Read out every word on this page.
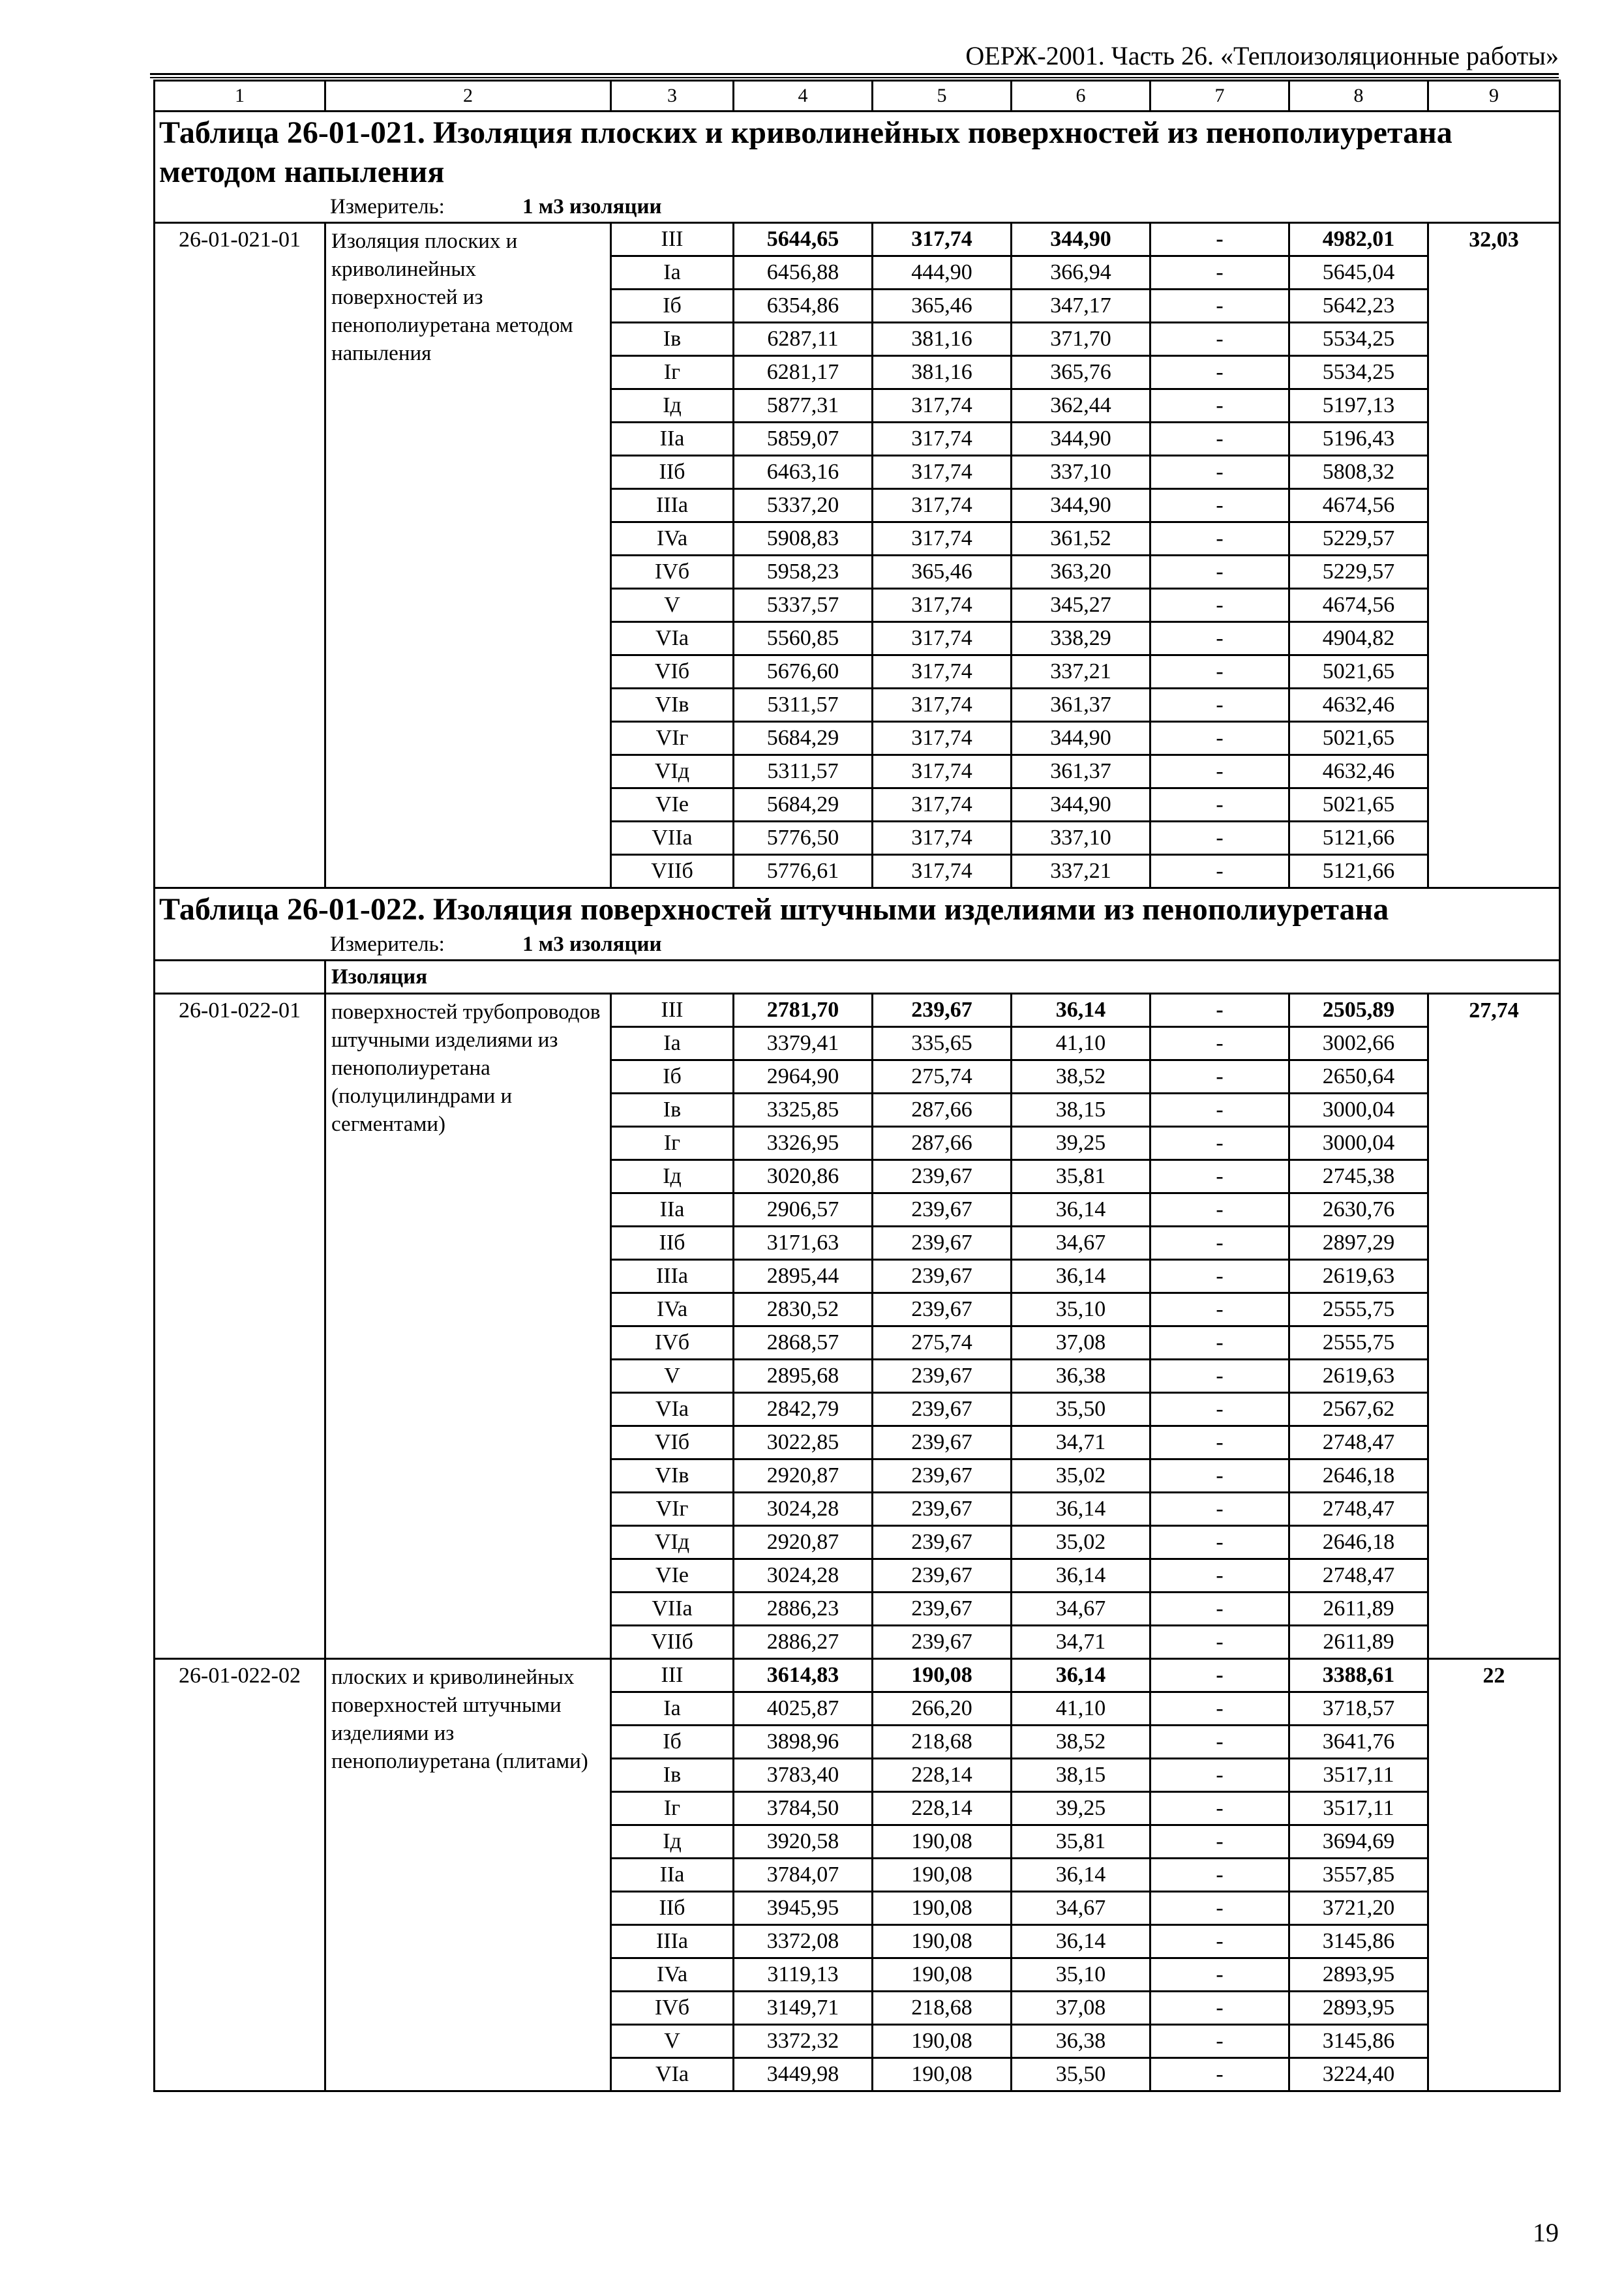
ОЕРЖ-2001. Часть 26. «Теплоизоляционные работы»
1	2	3	4	5	6	7	8	9
Таблица 26-01-021. Изоляция плоских и криволинейных поверхностей из пенополиуретана методом напыления								
Измеритель: 1 м3 изоляции								
26-01-021-01	Изоляция плоских и криволинейных поверхностей из пенополиуретана методом напыления	III	5644,65	317,74	344,90	-	4982,01	32,03
		Ia	6456,88	444,90	366,94	-	5645,04	
		Iб	6354,86	365,46	347,17	-	5642,23	
		Iв	6287,11	381,16	371,70	-	5534,25	
		Iг	6281,17	381,16	365,76	-	5534,25	
		Iд	5877,31	317,74	362,44	-	5197,13	
		IIa	5859,07	317,74	344,90	-	5196,43	
		IIб	6463,16	317,74	337,10	-	5808,32	
		IIIa	5337,20	317,74	344,90	-	4674,56	
		IVa	5908,83	317,74	361,52	-	5229,57	
		IVб	5958,23	365,46	363,20	-	5229,57	
		V	5337,57	317,74	345,27	-	4674,56	
		VIa	5560,85	317,74	338,29	-	4904,82	
		VIб	5676,60	317,74	337,21	-	5021,65	
		VIв	5311,57	317,74	361,37	-	4632,46	
		VIг	5684,29	317,74	344,90	-	5021,65	
		VIд	5311,57	317,74	361,37	-	4632,46	
		VIe	5684,29	317,74	344,90	-	5021,65	
		VIIa	5776,50	317,74	337,10	-	5121,66	
		VIIб	5776,61	317,74	337,21	-	5121,66	
Таблица 26-01-022. Изоляция поверхностей штучными изделиями из пенополиуретана								
Измеритель: 1 м3 изоляции								
	Изоляция							
26-01-022-01	поверхностей трубопроводов штучными изделиями из пенополиуретана (полуцилиндрами и сегментами)	III	2781,70	239,67	36,14	-	2505,89	27,74
		Ia	3379,41	335,65	41,10	-	3002,66	
		Iб	2964,90	275,74	38,52	-	2650,64	
		Iв	3325,85	287,66	38,15	-	3000,04	
		Iг	3326,95	287,66	39,25	-	3000,04	
		Iд	3020,86	239,67	35,81	-	2745,38	
		IIa	2906,57	239,67	36,14	-	2630,76	
		IIб	3171,63	239,67	34,67	-	2897,29	
		IIIa	2895,44	239,67	36,14	-	2619,63	
		IVa	2830,52	239,67	35,10	-	2555,75	
		IVб	2868,57	275,74	37,08	-	2555,75	
		V	2895,68	239,67	36,38	-	2619,63	
		VIa	2842,79	239,67	35,50	-	2567,62	
		VIб	3022,85	239,67	34,71	-	2748,47	
		VIв	2920,87	239,67	35,02	-	2646,18	
		VIг	3024,28	239,67	36,14	-	2748,47	
		VIд	2920,87	239,67	35,02	-	2646,18	
		VIe	3024,28	239,67	36,14	-	2748,47	
		VIIa	2886,23	239,67	34,67	-	2611,89	
		VIIб	2886,27	239,67	34,71	-	2611,89	
26-01-022-02	плоских и криволинейных поверхностей штучными изделиями из пенополиуретана (плитами)	III	3614,83	190,08	36,14	-	3388,61	22
		Ia	4025,87	266,20	41,10	-	3718,57	
		Iб	3898,96	218,68	38,52	-	3641,76	
		Iв	3783,40	228,14	38,15	-	3517,11	
		Iг	3784,50	228,14	39,25	-	3517,11	
		Iд	3920,58	190,08	35,81	-	3694,69	
		IIa	3784,07	190,08	36,14	-	3557,85	
		IIб	3945,95	190,08	34,67	-	3721,20	
		IIIa	3372,08	190,08	36,14	-	3145,86	
		IVa	3119,13	190,08	35,10	-	2893,95	
		IVб	3149,71	218,68	37,08	-	2893,95	
		V	3372,32	190,08	36,38	-	3145,86	
		VIa	3449,98	190,08	35,50	-	3224,40	
19
